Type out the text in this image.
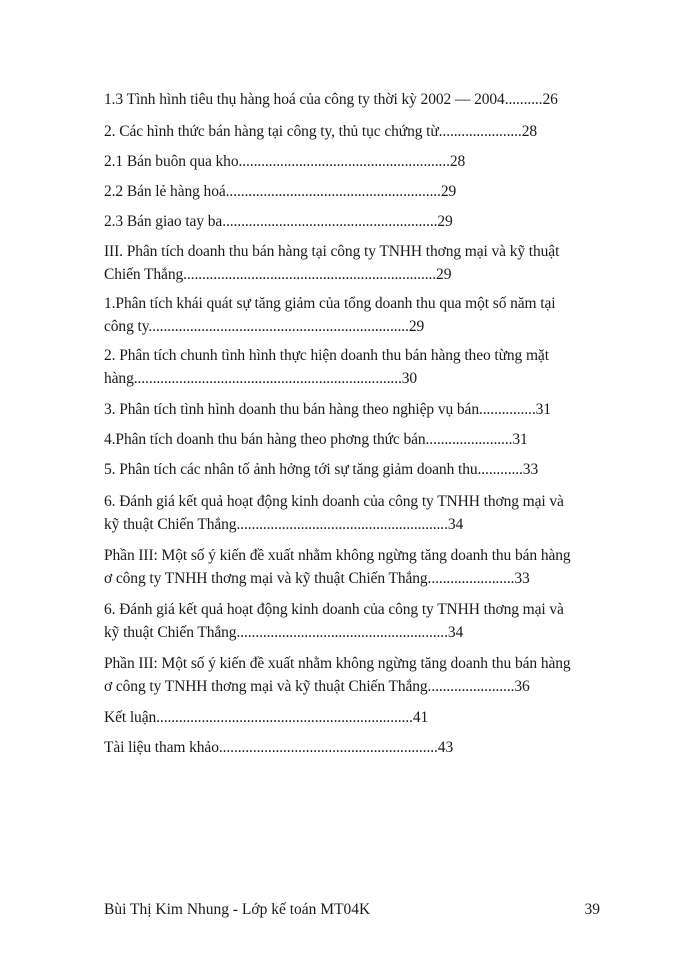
1.3 Tình hình tiêu thụ hàng hoá của công ty thời kỳ 2002 — 2004..........26
2. Các hình thức bán hàng tại công ty, thủ tục chứng từ......................28
2.1 Bán buôn qua kho........................................................28
2.2 Bán lẻ hàng hoá.........................................................29
2.3 Bán giao tay ba.........................................................29
III. Phân tích doanh thu bán hàng tại công ty TNHH thơng mại và kỹ thuật
Chiến Thắng...................................................................29
1.Phân tích khái quát sự tăng giảm của tổng doanh thu qua một số năm tại
công ty.....................................................................29
2. Phân tích chunh tình hình thực hiện doanh thu bán hàng theo từng mặt
hàng.......................................................................30
3. Phân tích tình hình doanh thu bán hàng theo nghiệp vụ bán...............31
4.Phân tích doanh thu bán hàng theo phơng thức bán.......................31
5. Phân tích các nhân tố ảnh hởng tới sự tăng giảm doanh thu............33
6. Đánh giá kết quả hoạt động kinh doanh của công ty TNHH thơng mại và
kỹ thuật Chiến Thắng........................................................34
Phần III: Một số ý kiến đề xuất nhằm không ngừng tăng doanh thu bán hàng
ơ công ty TNHH thơng mại và kỹ thuật Chiến Thắng.......................33
6. Đánh giá kết quả hoạt động kinh doanh của công ty TNHH thơng mại và
kỹ thuật Chiến Thắng........................................................34
Phần III: Một số ý kiến đề xuất nhằm không ngừng tăng doanh thu bán hàng
ơ công ty TNHH thơng mại và kỹ thuật Chiến Thắng.......................36
Kết luận....................................................................41
Tài liệu tham khảo..........................................................43
Bùi Thị Kim Nhung - Lớp kế toán MT04K	39
